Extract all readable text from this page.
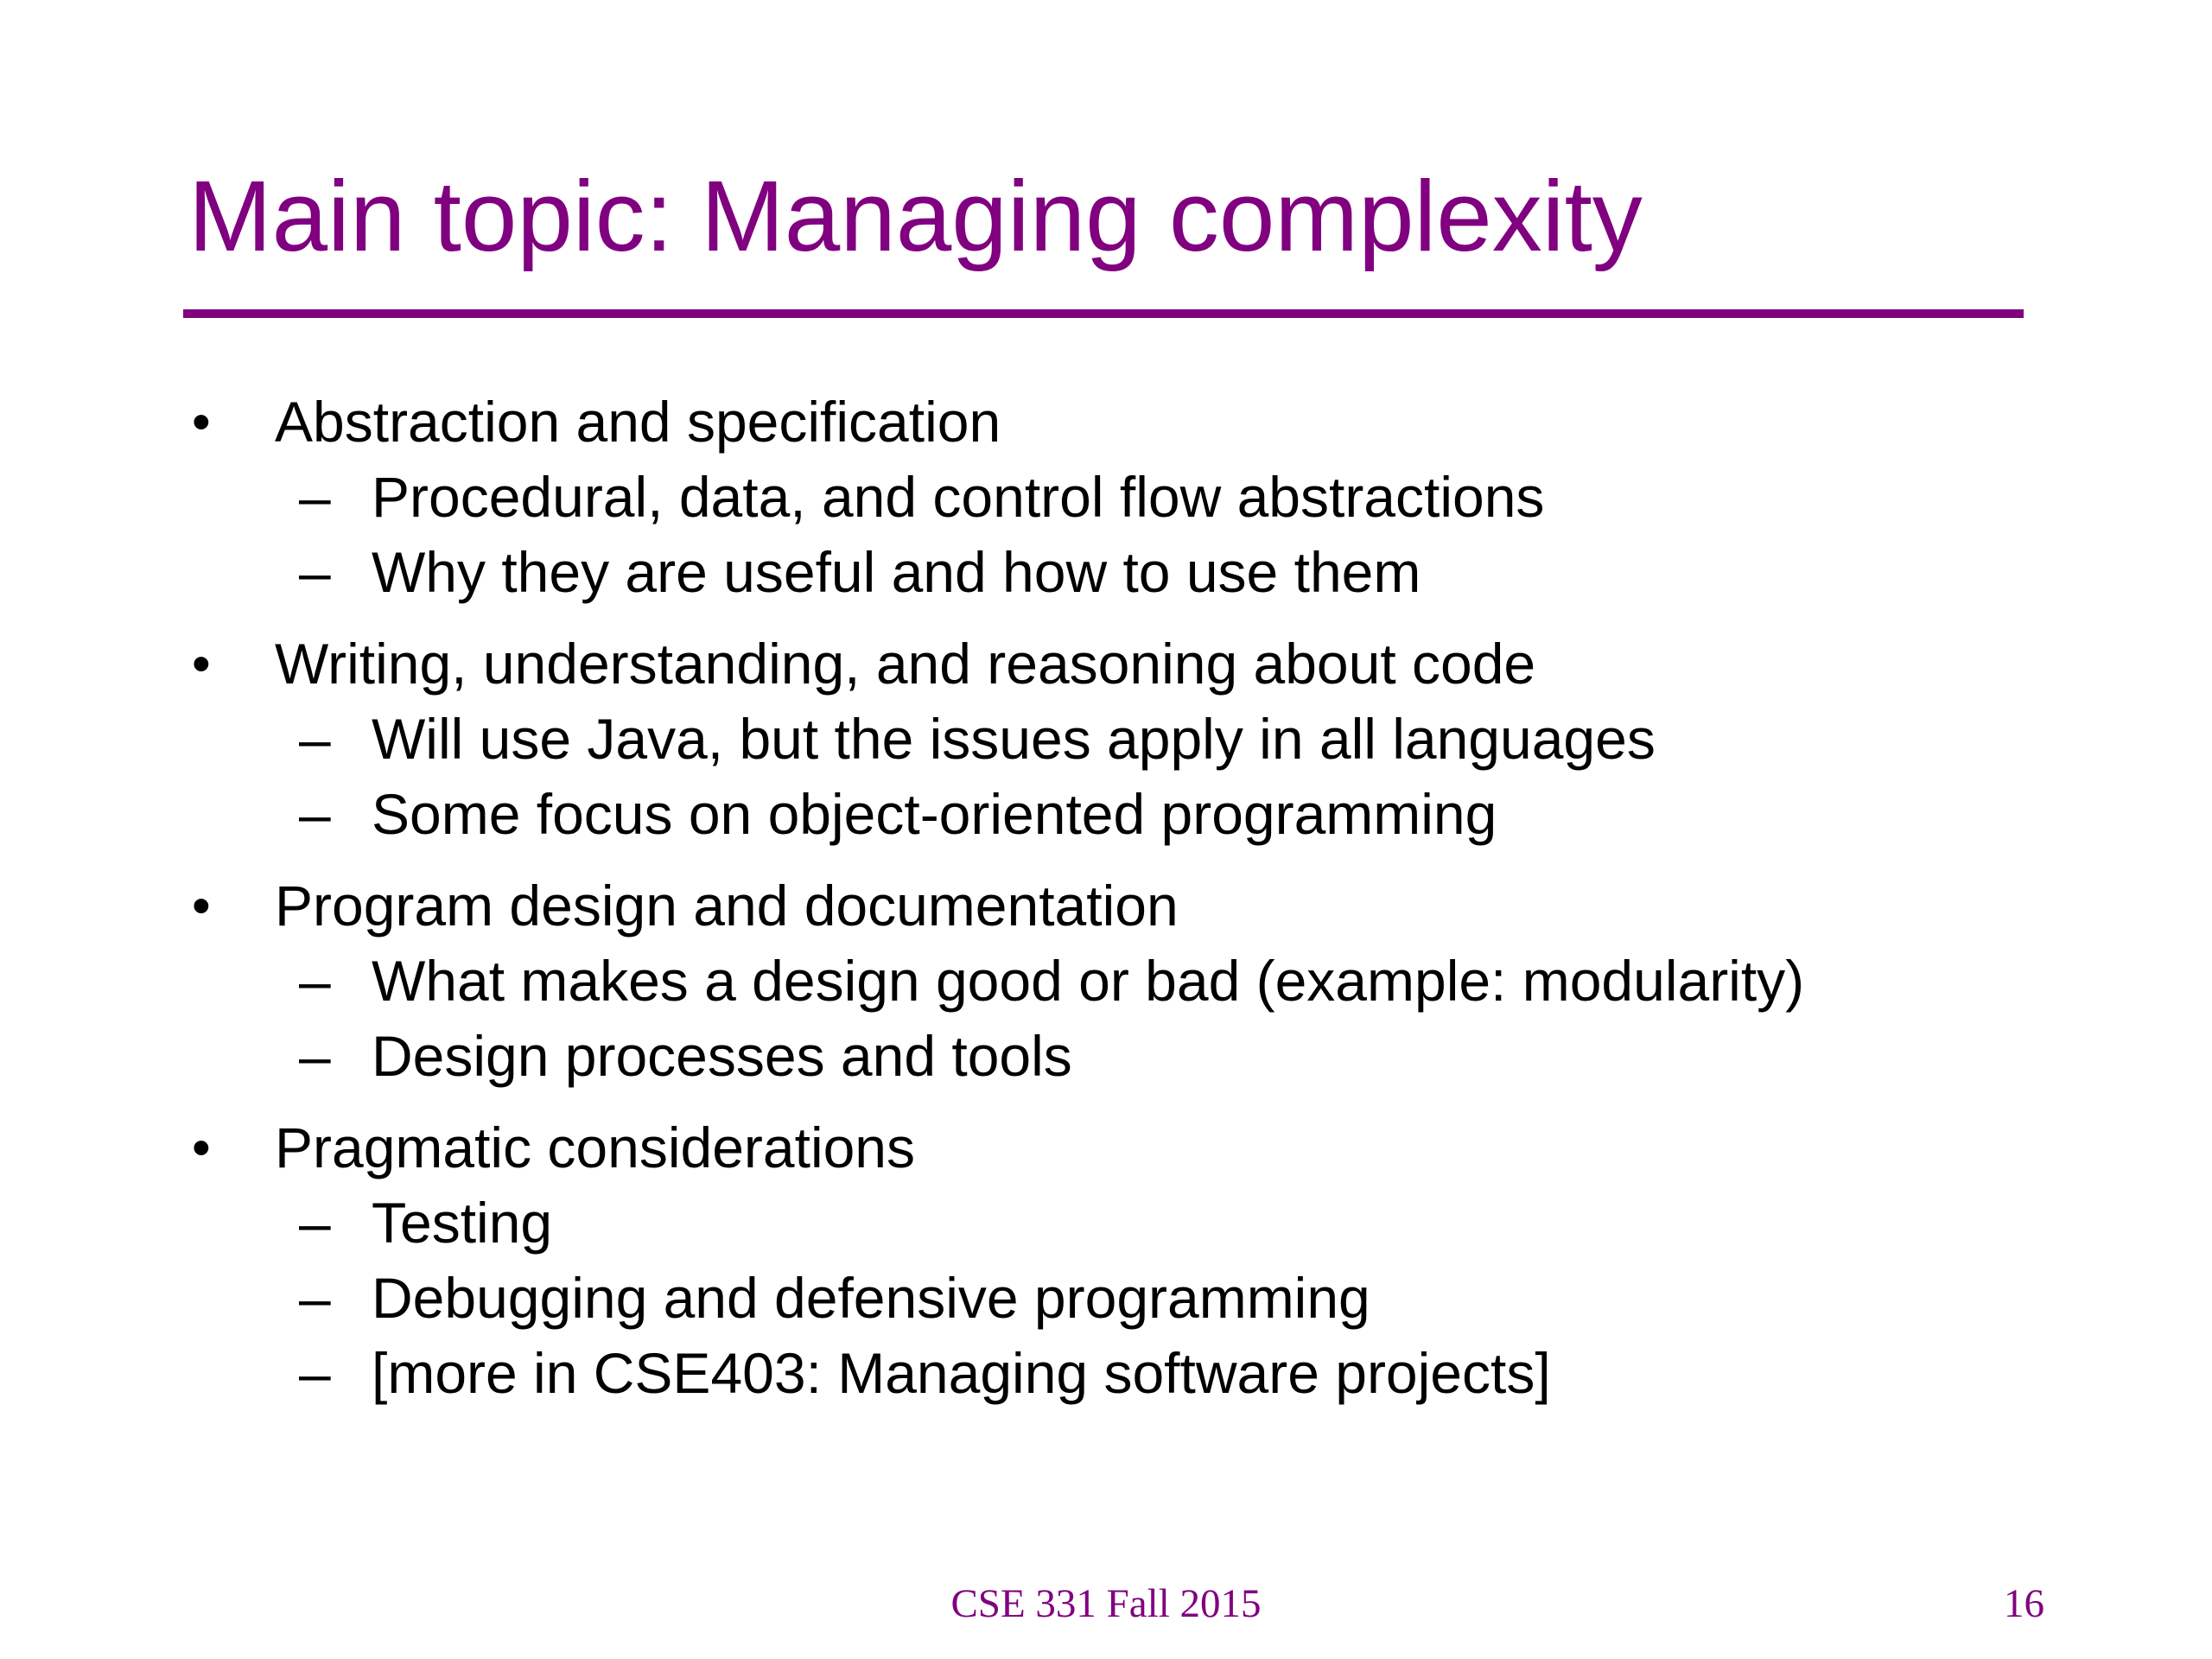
Main topic: Managing complexity
• Abstraction and specification
– Procedural, data, and control flow abstractions
– Why they are useful and how to use them
• Writing, understanding, and reasoning about code
– Will use Java, but the issues apply in all languages
– Some focus on object-oriented programming
• Program design and documentation
– What makes a design good or bad (example: modularity)
– Design processes and tools
• Pragmatic considerations
– Testing
– Debugging and defensive programming
– [more in CSE403: Managing software projects]
CSE 331 Fall 2015	16
